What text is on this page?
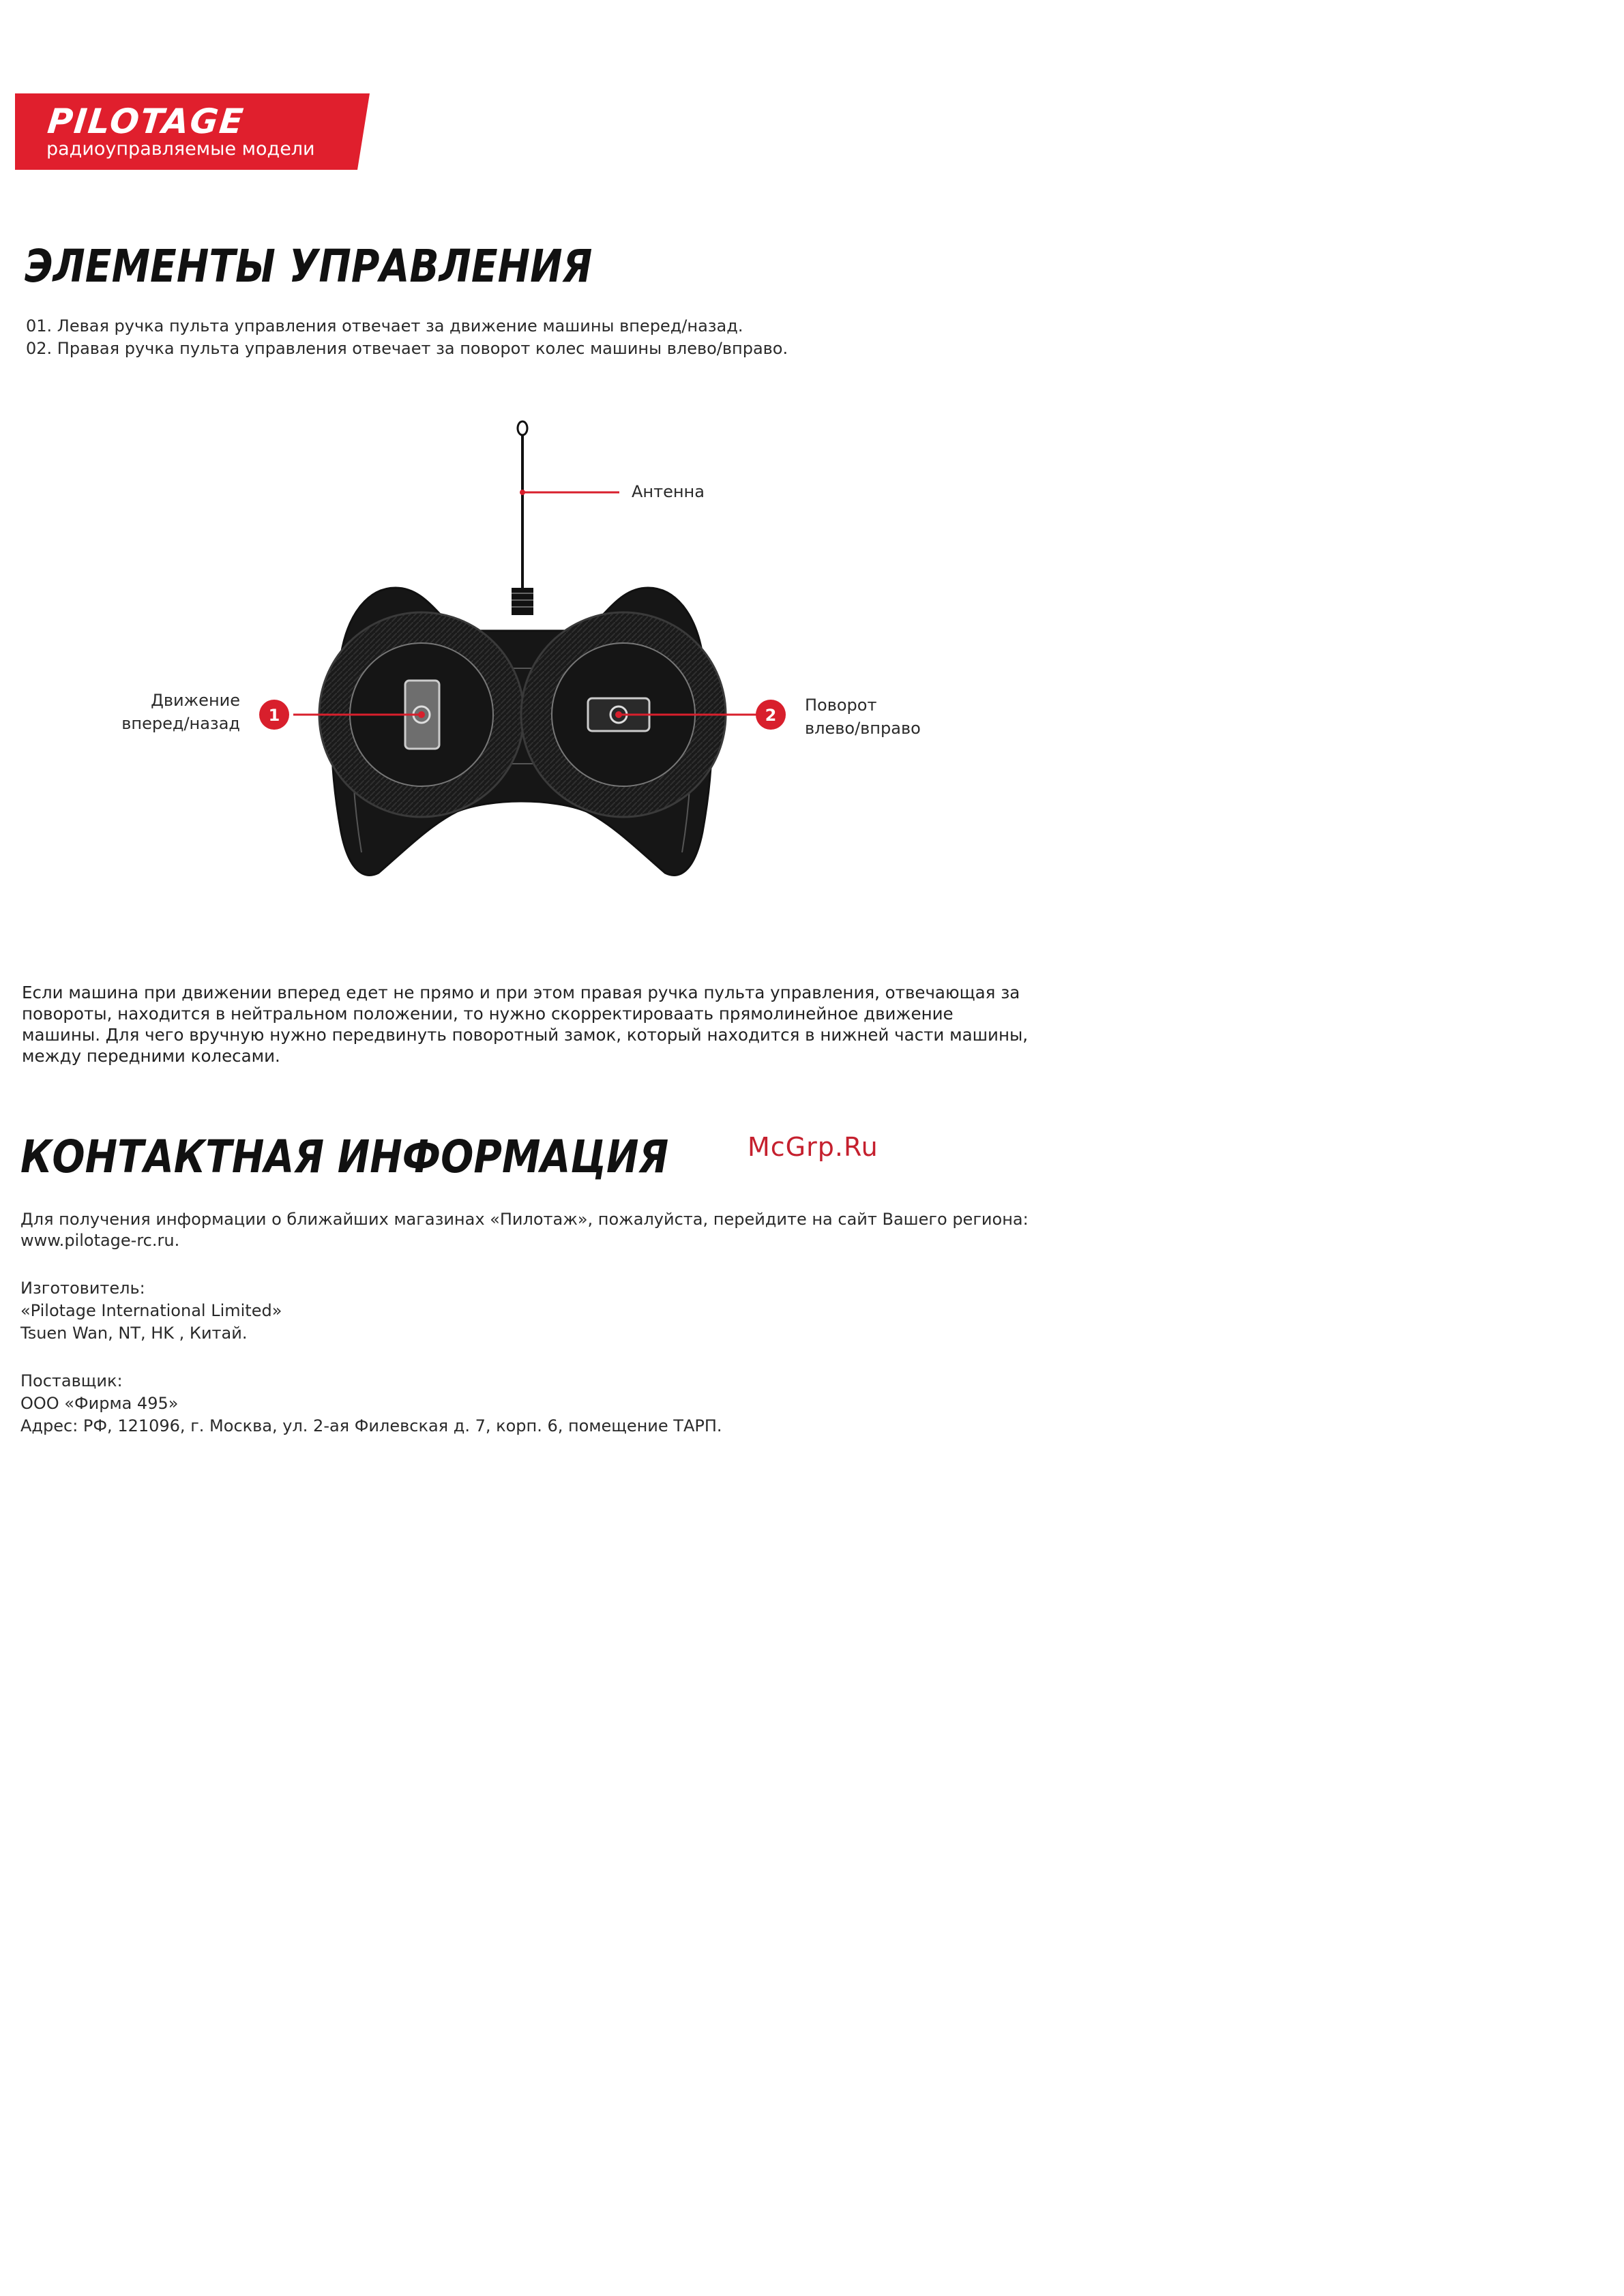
PILOTAGE
радиоуправляемые модели
ЭЛЕМЕНТЫ УПРАВЛЕНИЯ
01. Левая ручка пульта управления отвечает за движение машины вперед/назад.
02. Правая ручка пульта управления отвечает за поворот колес машины влево/вправо.
1	2
Антенна
Движение
вперед/назад
Поворот
влево/вправо
Если машина при движении вперед едет не прямо и при этом правая ручка пульта управления, отвечающая за повороты, находится в нейтральном положении, то нужно скорректироваать прямолинейное движение машины. Для чего вручную нужно передвинуть поворотный замок, который находится в нижней части машины, между передними колесами.
КОНТАКТНАЯ ИНФОРМАЦИЯ	McGrp.Ru
Для получения информации о ближайших магазинах «Пилотаж», пожалуйста, перейдите на сайт Вашего региона:
www.pilotage-rc.ru.
Изготовитель:
«Pilotage International Limited»
Tsuen Wan, NT, HK , Китай.
Поставщик:
ООО «Фирма 495»
Адрес: РФ, 121096, г. Москва, ул. 2-ая Филевская д. 7, корп. 6, помещение ТАРП.
